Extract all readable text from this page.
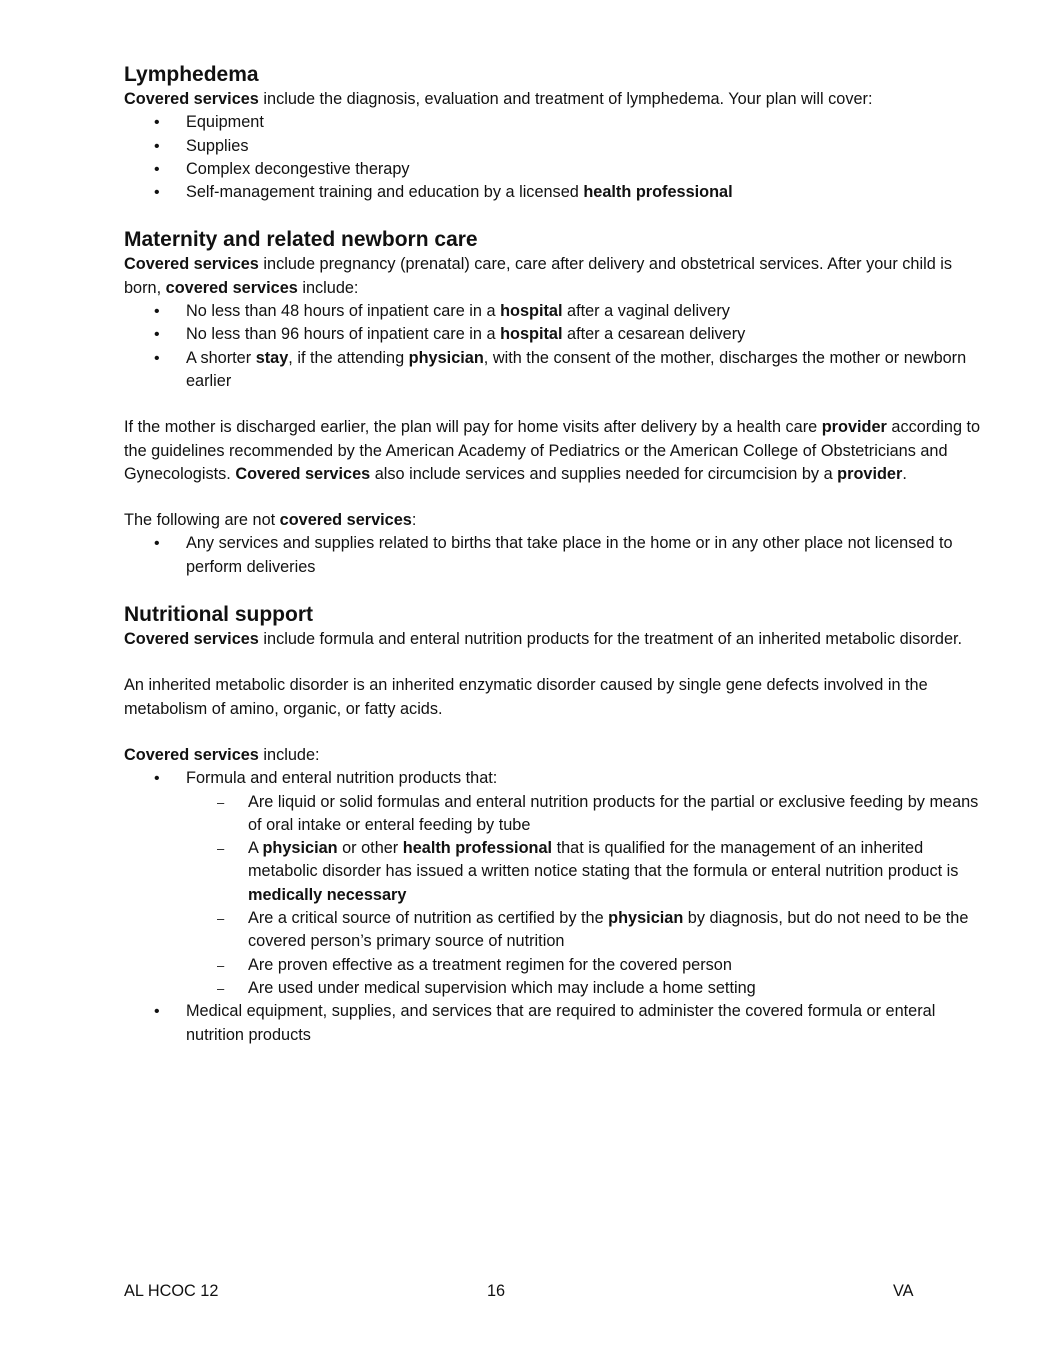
Lymphedema

Covered services include the diagnosis, evaluation and treatment of lymphedema. Your plan will cover:

• Equipment
• Supplies
• Complex decongestive therapy
• Self-management training and education by a licensed health professional
Maternity and related newborn care

Covered services include pregnancy (prenatal) care, care after delivery and obstetrical services. After your child is born, covered services include:

• No less than 48 hours of inpatient care in a hospital after a vaginal delivery
• No less than 96 hours of inpatient care in a hospital after a cesarean delivery
• A shorter stay, if the attending physician, with the consent of the mother, discharges the mother or newborn earlier

If the mother is discharged earlier, the plan will pay for home visits after delivery by a health care provider according to the guidelines recommended by the American Academy of Pediatrics or the American College of Obstetricians and Gynecologists. Covered services also include services and supplies needed for circumcision by a provider.

The following are not covered services:

• Any services and supplies related to births that take place in the home or in any other place not licensed to perform deliveries
Nutritional support

Covered services include formula and enteral nutrition products for the treatment of an inherited metabolic disorder.

An inherited metabolic disorder is an inherited enzymatic disorder caused by single gene defects involved in the metabolism of amino, organic, or fatty acids.

Covered services include:

• Formula and enteral nutrition products that:
– Are liquid or solid formulas and enteral nutrition products for the partial or exclusive feeding by means of oral intake or enteral feeding by tube
– A physician or other health professional that is qualified for the management of an inherited metabolic disorder has issued a written notice stating that the formula or enteral nutrition product is medically necessary
– Are a critical source of nutrition as certified by the physician by diagnosis, but do not need to be the covered person’s primary source of nutrition
– Are proven effective as a treatment regimen for the covered person
– Are used under medical supervision which may include a home setting
• Medical equipment, supplies, and services that are required to administer the covered formula or enteral nutrition products
AL HCOC 12	16	VA
